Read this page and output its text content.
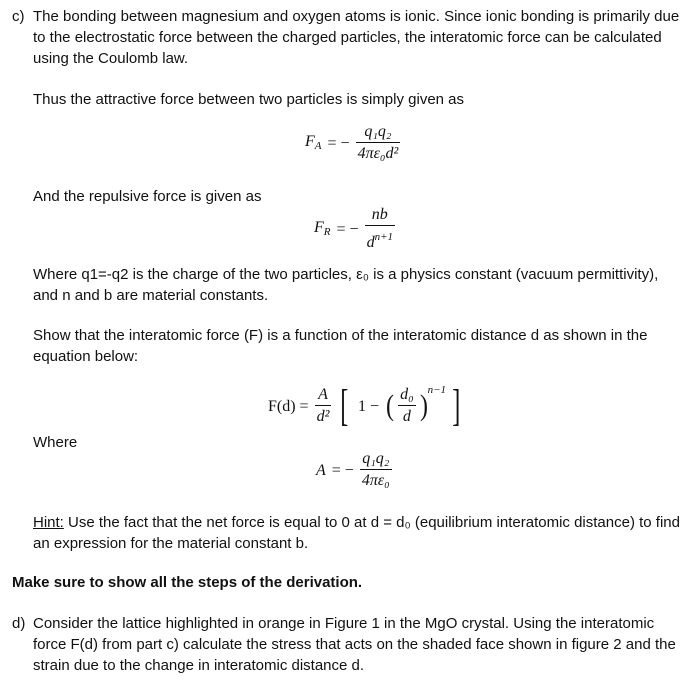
c) The bonding between magnesium and oxygen atoms is ionic. Since ionic bonding is primarily due to the electrostatic force between the charged particles, the interatomic force can be calculated using the Coulomb law.
Thus the attractive force between two particles is simply given as
$F_A$ = − $\frac{\text{q₁q₂}}{\text{4πε₀d²}}$
And the repulsive force is given as
$F_R$ = − $\frac{nb}{d^{n+1}}$
Where q1=-q2 is the charge of the two particles, ε₀ is a physics constant (vacuum permittivity), and n and b are material constants.
Show that the interatomic force (F) is a function of the interatomic distance d as shown in the equation below:
$F(d) = \frac{A}{\text{d²}}$ [ 1 − ( $\frac{\text{d₀}}{d}$ ) n−1 ]
Where
A = − $\frac{\text{q₁q₂}}{\text{4πε₀}}$
Hint: Use the fact that the net force is equal to 0 at d = d₀ (equilibrium interatomic distance) to find an expression for the material constant b.
Make sure to show all the steps of the derivation.
d) Consider the lattice highlighted in orange in Figure 1 in the MgO crystal. Using the interatomic force F(d) from part c) calculate the stress that acts on the shaded face shown in figure 2 and the strain due to the change in interatomic distance d.
